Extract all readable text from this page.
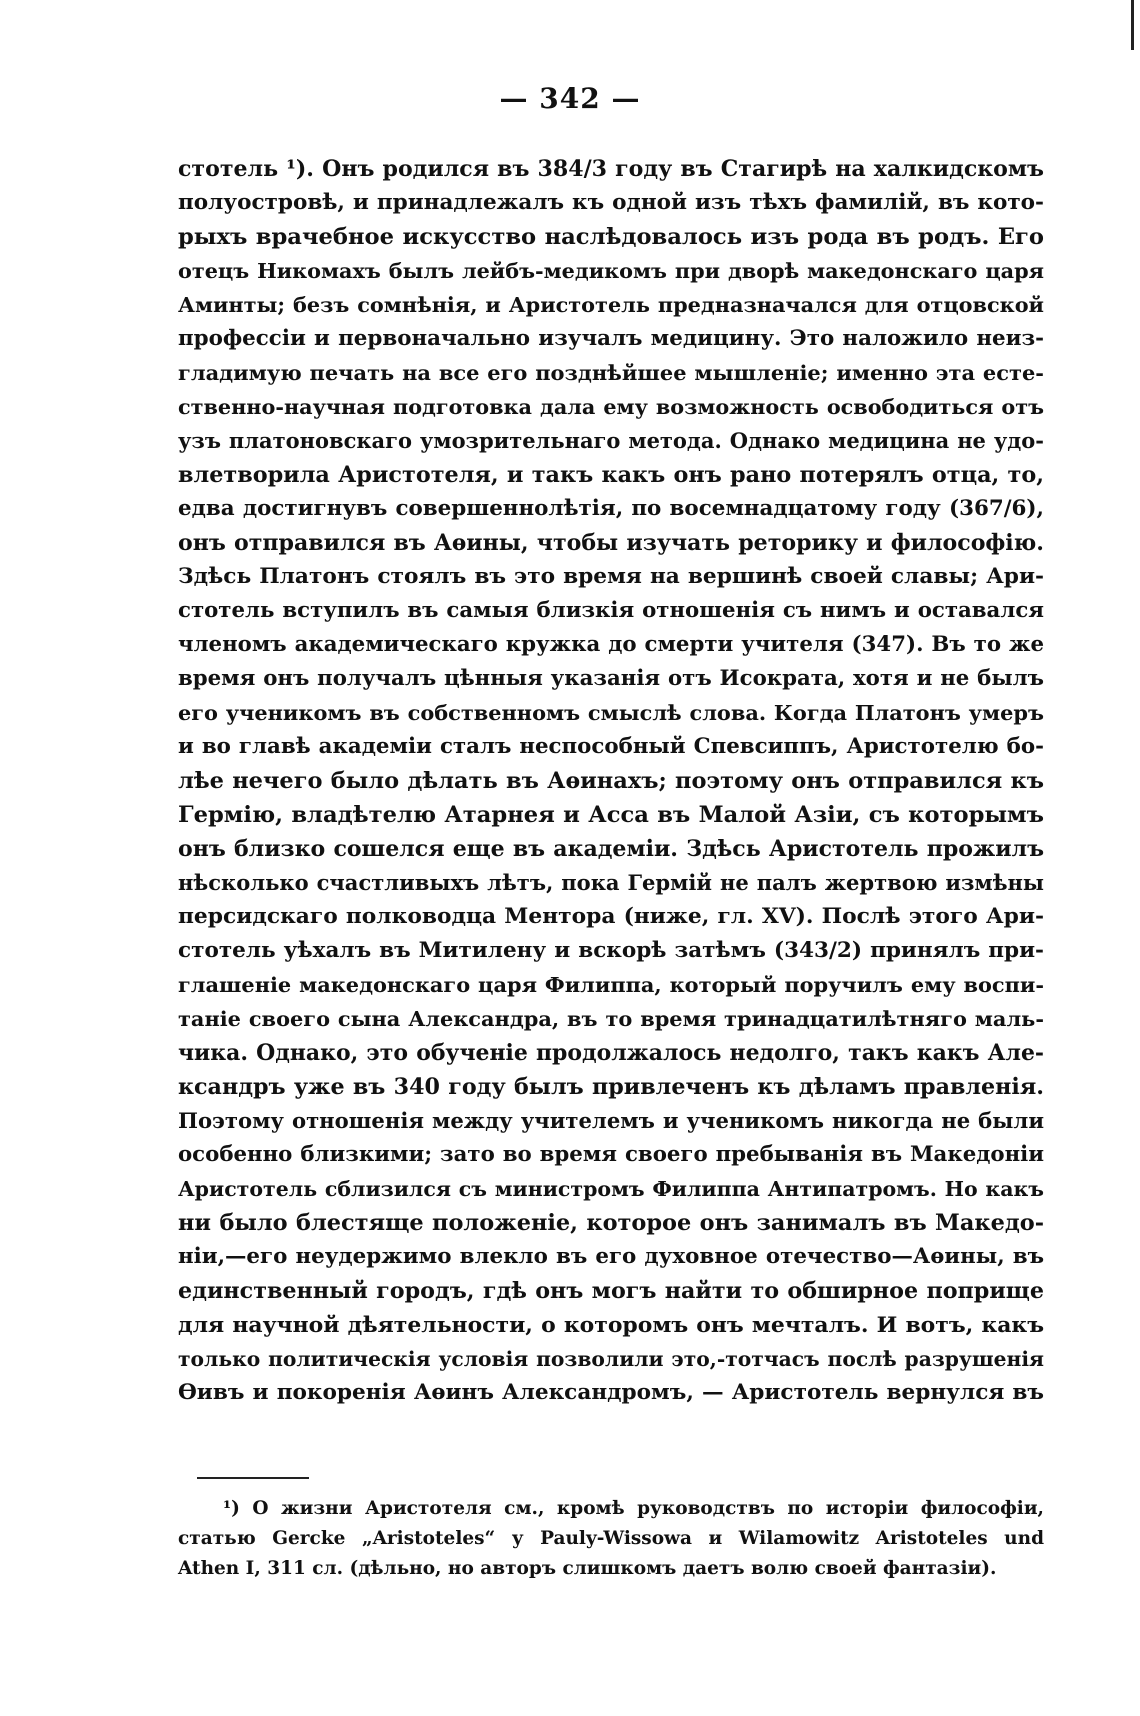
— 342 —
стотель ¹). Онъ родился въ 384/3 году въ Стагирѣ на халкидскомъ
полуостровѣ, и принадлежалъ къ одной изъ тѣхъ фамилій, въ кото-
рыхъ врачебное искусство наслѣдовалось изъ рода въ родъ. Его
отецъ Никомахъ былъ лейбъ-медикомъ при дворѣ македонскаго царя
Аминты; безъ сомнѣнія, и Аристотель предназначался для отцовской
профессіи и первоначально изучалъ медицину. Это наложило неиз-
гладимую печать на все его позднѣйшее мышленіе; именно эта есте-
ственно-научная подготовка дала ему возможность освободиться отъ
узъ платоновскаго умозрительнаго метода. Однако медицина не удо-
влетворила Аристотеля, и такъ какъ онъ рано потерялъ отца, то,
едва достигнувъ совершеннолѣтія, по восемнадцатому году (367/6),
онъ отправился въ Аѳины, чтобы изучать реторику и философію.
Здѣсь Платонъ стоялъ въ это время на вершинѣ своей славы; Ари-
стотель вступилъ въ самыя близкія отношенія съ нимъ и оставался
членомъ академическаго кружка до смерти учителя (347). Въ то же
время онъ получалъ цѣнныя указанія отъ Исократа, хотя и не былъ
его ученикомъ въ собственномъ смыслѣ слова. Когда Платонъ умеръ
и во главѣ академіи сталъ неспособный Спевсиппъ, Аристотелю бо-
лѣе нечего было дѣлать въ Аѳинахъ; поэтому онъ отправился къ
Гермію, владѣтелю Атарнея и Асса въ Малой Азіи, съ которымъ
онъ близко сошелся еще въ академіи. Здѣсь Аристотель прожилъ
нѣсколько счастливыхъ лѣтъ, пока Гермій не палъ жертвою измѣны
персидскаго полководца Ментора (ниже, гл. XV). Послѣ этого Ари-
стотель уѣхалъ въ Митилену и вскорѣ затѣмъ (343/2) принялъ при-
глашеніе македонскаго царя Филиппа, который поручилъ ему воспи-
таніе своего сына Александра, въ то время тринадцатилѣтняго маль-
чика. Однако, это обученіе продолжалось недолго, такъ какъ Але-
ксандръ уже въ 340 году былъ привлеченъ къ дѣламъ правленія.
Поэтому отношенія между учителемъ и ученикомъ никогда не были
особенно близкими; зато во время своего пребыванія въ Македоніи
Аристотель сблизился съ министромъ Филиппа Антипатромъ. Но какъ
ни было блестяще положеніе, которое онъ занималъ въ Македо-
ніи,—его неудержимо влекло въ его духовное отечество—Аѳины, въ
единственный городъ, гдѣ онъ могъ найти то обширное поприще
для научной дѣятельности, о которомъ онъ мечталъ. И вотъ, какъ
только политическія условія позволили это,-тотчасъ послѣ разрушенія
Ѳивъ и покоренія Аѳинъ Александромъ, — Аристотель вернулся въ
¹) О жизни Аристотеля см., кромѣ руководствъ по исторіи философіи,
статью Gercke „Aristoteles“ у Pauly-Wissowa и Wilamowitz Aristoteles und
Athen I, 311 сл. (дѣльно, но авторъ слишкомъ даетъ волю своей фантазіи).
